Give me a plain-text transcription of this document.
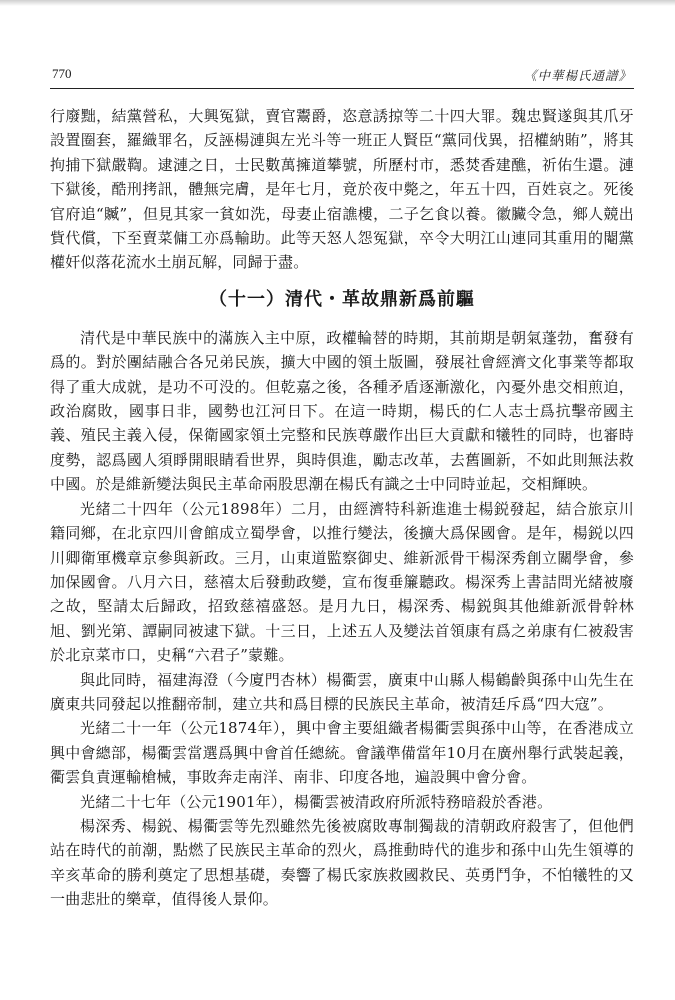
770	《中華楊氏通譜》

行廢黜，結黨營私，大興冤獄，賣官鬻爵，恣意誘掠等二十四大罪。魏忠賢遂與其爪牙設置圈套，羅織罪名，反誣楊漣與左光斗等一班正人賢臣“黨同伐異，招權納賄”，將其拘捕下獄嚴鞫。逮漣之日，士民數萬擁道攀號，所歷村市，悉焚香建醮，祈佑生還。漣下獄後，酷刑拷訊，體無完膚，是年七月，竟於夜中斃之，年五十四，百姓哀之。死後官府追“贓”，但見其家一貧如洗，母妻止宿譙樓，二子乞食以養。徽臟令急，鄉人競出貲代償，下至賣菜傭工亦爲輸助。此等天怒人怨冤獄，卒令大明江山連同其重用的閹黨權奸似落花流水土崩瓦解，同歸于盡。

（十一）清代・革故鼎新爲前驅

清代是中華民族中的滿族入主中原，政權輪替的時期，其前期是朝氣蓬勃，奮發有爲的。對於團結融合各兄弟民族，擴大中國的領土版圖，發展社會經濟文化事業等都取得了重大成就，是功不可没的。但乾嘉之後，各種矛盾逐漸激化，內憂外患交相煎迫，政治腐敗，國事日非，國勢也江河日下。在這一時期，楊氏的仁人志士爲抗擊帝國主義、殖民主義入侵，保衛國家領土完整和民族尊嚴作出巨大貢獻和犧牲的同時，也審時度勢，認爲國人須睜開眼睛看世界，與時俱進，勵志改革，去舊圖新，不如此則無法救中國。於是維新變法與民主革命兩股思潮在楊氏有識之士中同時並起，交相輝映。

光緒二十四年（公元1898年）二月，由經濟特科新進進士楊鋭發起，結合旅京川籍同鄉，在北京四川會館成立蜀學會，以推行變法，後擴大爲保國會。是年，楊鋭以四川卿衛軍機章京參與新政。三月，山東道監察御史、維新派骨干楊深秀創立關學會，參加保國會。八月六日，慈禧太后發動政變，宣布復垂簾聽政。楊深秀上書詰問光緒被廢之故，堅請太后歸政，招致慈禧盛怒。是月九日，楊深秀、楊鋭與其他維新派骨幹林旭、劉光第、譚嗣同被逮下獄。十三日，上述五人及變法首領康有爲之弟康有仁被殺害於北京菜市口，史稱“六君子”蒙難。

與此同時，福建海澄（今廈門杏林）楊衢雲，廣東中山縣人楊鶴齡與孫中山先生在廣東共同發起以推翻帝制，建立共和爲目標的民族民主革命，被清廷斥爲“四大寇”。

光緒二十一年（公元1874年），興中會主要組織者楊衢雲與孫中山等，在香港成立興中會總部，楊衢雲當選爲興中會首任總統。會議準備當年10月在廣州舉行武裝起義，衢雲負責運輸槍械，事敗奔走南洋、南非、印度各地，遍設興中會分會。

光緒二十七年（公元1901年），楊衢雲被清政府所派特務暗殺於香港。

楊深秀、楊鋭、楊衢雲等先烈雖然先後被腐敗專制獨裁的清朝政府殺害了，但他們站在時代的前潮，點燃了民族民主革命的烈火，爲推動時代的進步和孫中山先生領導的辛亥革命的勝利奠定了思想基礎，奏響了楊氏家族救國救民、英勇鬥争，不怕犧牲的又一曲悲壯的樂章，值得後人景仰。
